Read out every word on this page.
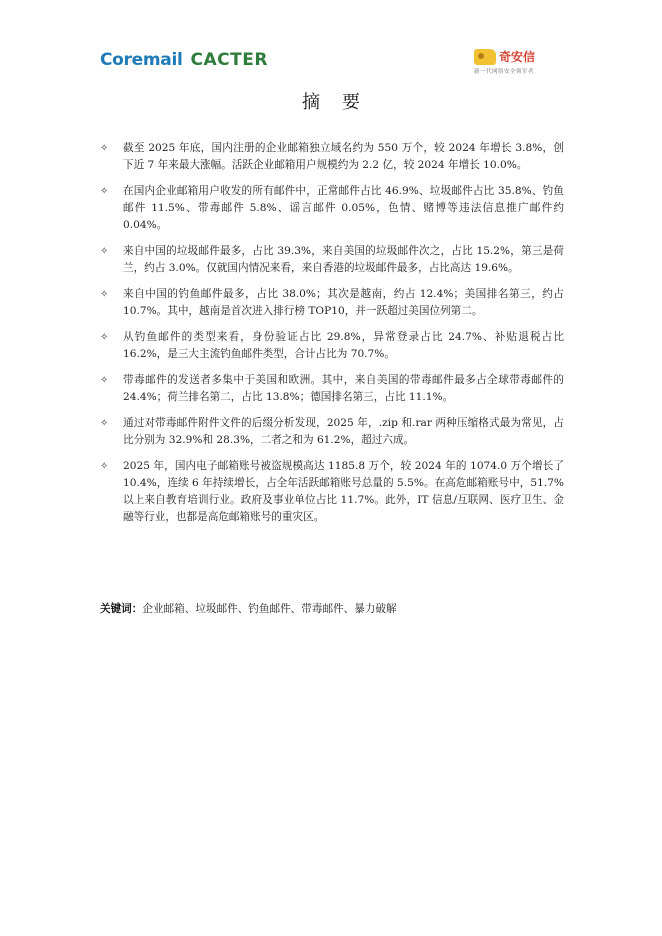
Coremail CACTER	奇安信
新一代网络安全领军者
摘要
✧ 截至 2025 年底，国内注册的企业邮箱独立域名约为 550 万个，较 2024 年增长 3.8%，创下近 7 年来最大涨幅。活跃企业邮箱用户规模约为 2.2 亿，较 2024 年增长 10.0%。
✧ 在国内企业邮箱用户收发的所有邮件中，正常邮件占比 46.9%、垃圾邮件占比 35.8%、钓鱼邮件 11.5%、带毒邮件 5.8%、谣言邮件 0.05%，色情、赌博等违法信息推广邮件约 0.04%。
✧ 来自中国的垃圾邮件最多，占比 39.3%，来自美国的垃圾邮件次之，占比 15.2%，第三是荷兰，约占 3.0%。仅就国内情况来看，来自香港的垃圾邮件最多，占比高达 19.6%。
✧ 来自中国的钓鱼邮件最多，占比 38.0%；其次是越南，约占 12.4%；美国排名第三，约占 10.7%。其中，越南是首次进入排行榜 TOP10，并一跃超过美国位列第二。
✧ 从钓鱼邮件的类型来看，身份验证占比 29.8%，异常登录占比 24.7%、补贴退税占比 16.2%，是三大主流钓鱼邮件类型，合计占比为 70.7%。
✧ 带毒邮件的发送者多集中于美国和欧洲。其中，来自美国的带毒邮件最多占全球带毒邮件的 24.4%；荷兰排名第二，占比 13.8%；德国排名第三，占比 11.1%。
✧ 通过对带毒邮件附件文件的后缀分析发现，2025 年，.zip 和.rar 两种压缩格式最为常见，占比分别为 32.9%和 28.3%，二者之和为 61.2%，超过六成。
✧ 2025 年，国内电子邮箱账号被盗规模高达 1185.8 万个，较 2024 年的 1074.0 万个增长了 10.4%，连续 6 年持续增长，占全年活跃邮箱账号总量的 5.5%。在高危邮箱账号中，51.7%以上来自教育培训行业。政府及事业单位占比 11.7%。此外，IT 信息/互联网、医疗卫生、金融等行业，也都是高危邮箱账号的重灾区。
关键词：企业邮箱、垃圾邮件、钓鱼邮件、带毒邮件、暴力破解
